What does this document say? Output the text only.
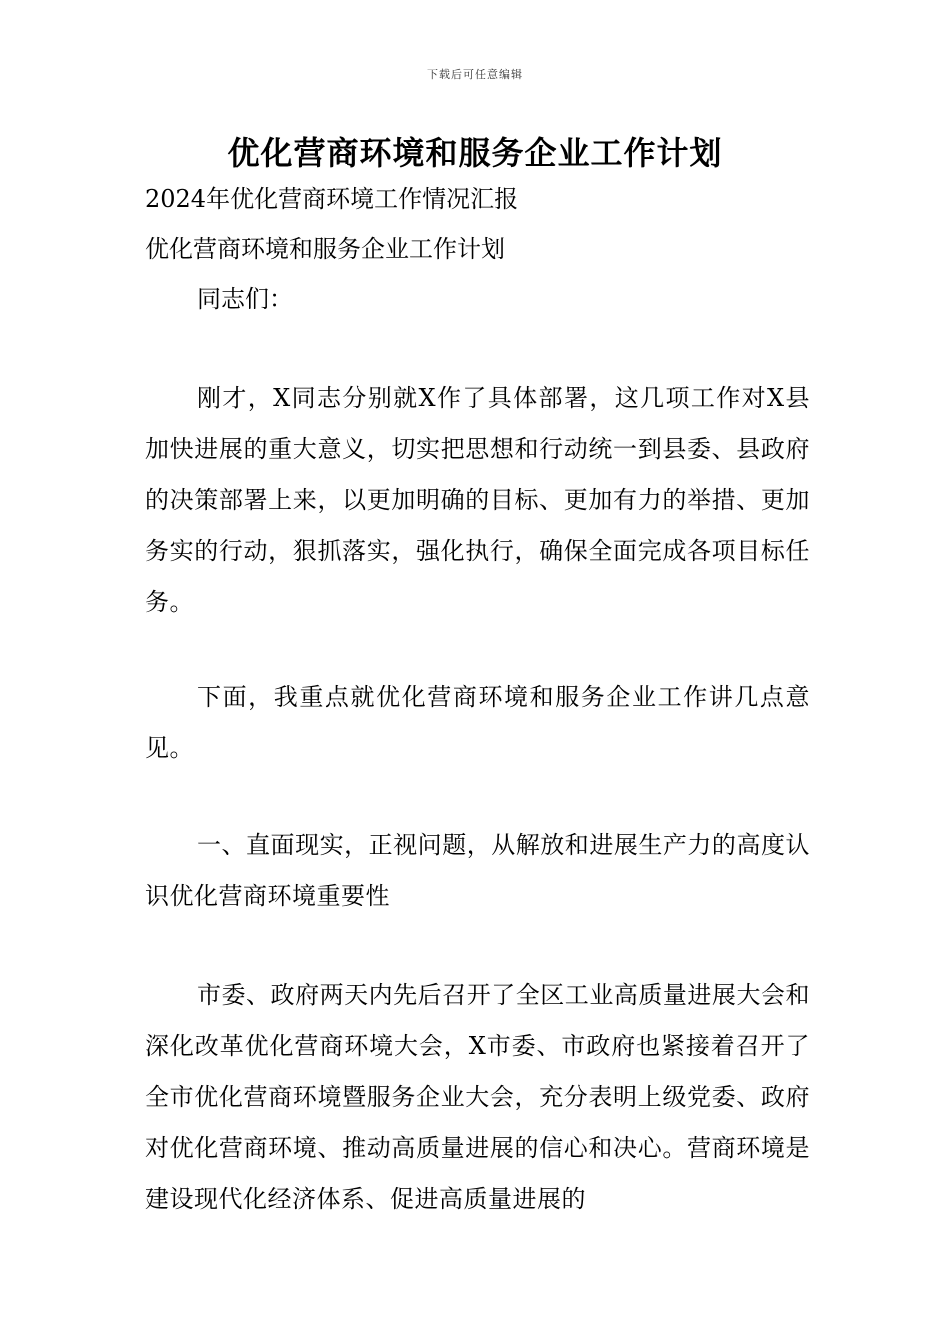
下载后可任意编辑
优化营商环境和服务企业工作计划
2024年优化营商环境工作情况汇报
优化营商环境和服务企业工作计划
同志们：

刚才，X同志分别就X作了具体部署，这几项工作对X县加快进展的重大意义，切实把思想和行动统一到县委、县政府的决策部署上来，以更加明确的目标、更加有力的举措、更加务实的行动，狠抓落实，强化执行，确保全面完成各项目标任务。

下面，我重点就优化营商环境和服务企业工作讲几点意见。

一、直面现实，正视问题，从解放和进展生产力的高度认识优化营商环境重要性

市委、政府两天内先后召开了全区工业高质量进展大会和深化改革优化营商环境大会，X市委、市政府也紧接着召开了全市优化营商环境暨服务企业大会，充分表明上级党委、政府对优化营商环境、推动高质量进展的信心和决心。营商环境是建设现代化经济体系、促进高质量进展的
